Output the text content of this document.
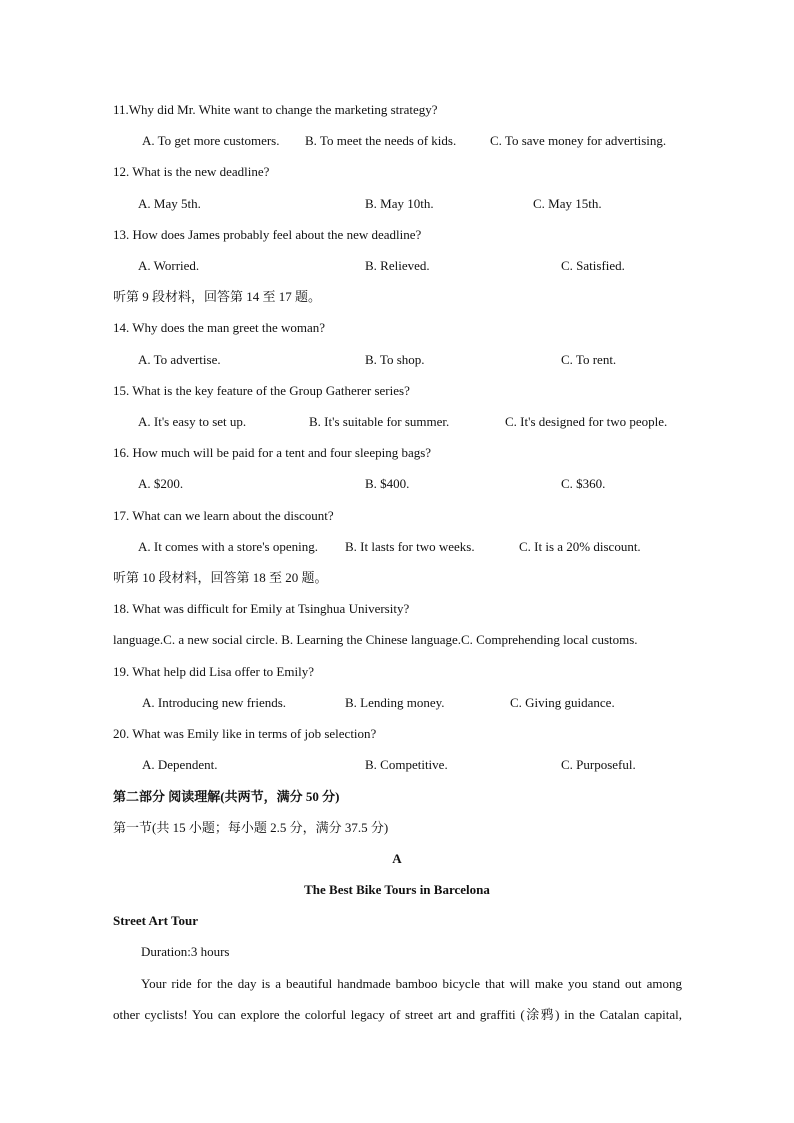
11.Why did Mr. White want to change the marketing strategy?
A. To get more customers. B. To meet the needs of kids.	C. To save money for advertising.
12. What is the new deadline?
A. May 5th.	B. May 10th.	C. May 15th.
13. How does James probably feel about the new deadline?
A. Worried.	B. Relieved.	C. Satisfied.
听第 9 段材料，回答第 14 至 17 题。
14. Why does the man greet the woman?
A. To advertise.	B. To shop.	C. To rent.
15. What is the key feature of the Group Gatherer series?
A. It's easy to set up.	B. It's suitable for summer.	C. It's designed for two people.
16. How much will be paid for a tent and four sleeping bags?
A. $200.	B. $400.	C. $360.
17. What can we learn about the discount?
A. It comes with a store's opening. B. It lasts for two weeks.	C. It is a 20% discount.
听第 10 段材料，回答第 18 至 20 题。
18. What was difficult for Emily at Tsinghua University?
language.C. a new social circle. B. Learning the Chinese language.C. Comprehending local customs.
19. What help did Lisa offer to Emily?
A. Introducing new friends.	B. Lending money.	C. Giving guidance.
20. What was Emily like in terms of job selection?
A. Dependent.	B. Competitive.	C. Purposeful.
第二部分 阅读理解(共两节，满分 50 分)
第一节(共 15 小题；每小题 2.5 分，满分 37.5 分)
A
The Best Bike Tours in Barcelona
Street Art Tour
Duration:3 hours
Your ride for the day is a beautiful handmade bamboo bicycle that will make you stand out among
other cyclists! You can explore the colorful legacy of street art and graffiti (涂鸦) in the Catalan capital,
